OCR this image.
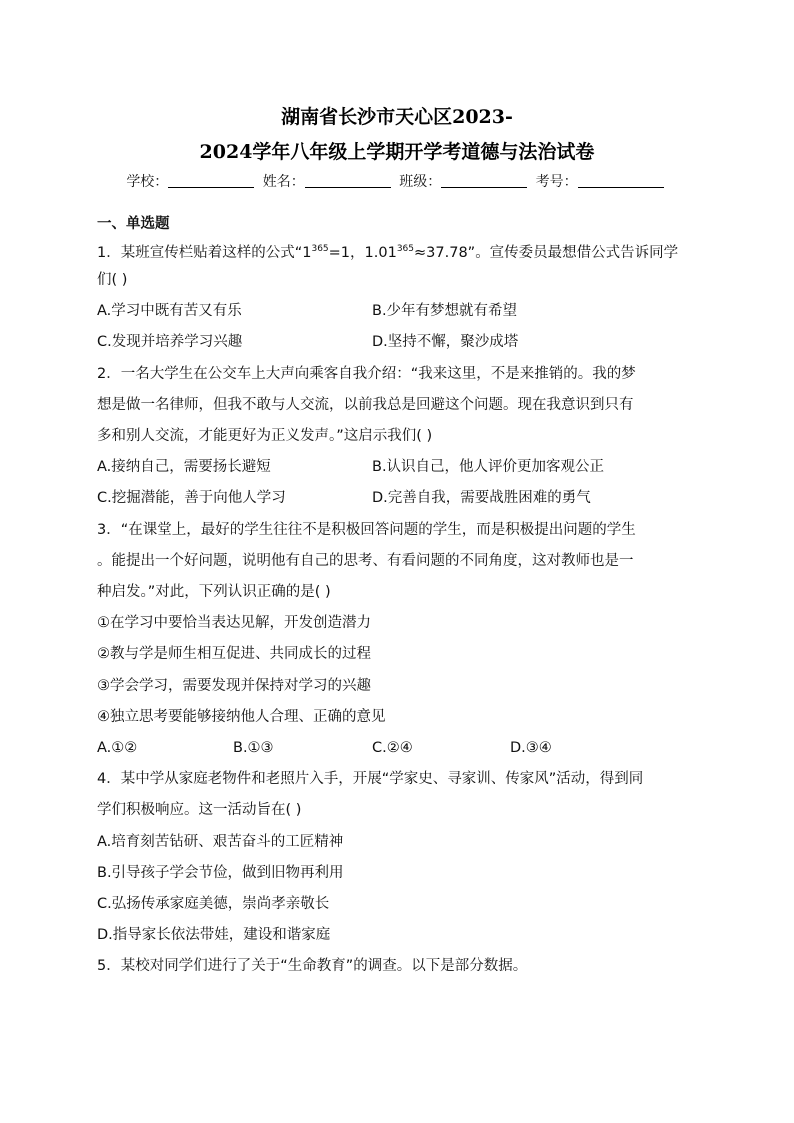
湖南省长沙市天心区2023-
2024学年八年级上学期开学考道德与法治试卷
学校：	姓名：	班级：	考号：
一、单选题
1．某班宣传栏贴着这样的公式“$1^{365}=1$，$1.01^{365}\approx 37.78$”。宣传委员最想借公式告诉同学
们( )
A.学习中既有苦又有乐	B.少年有梦想就有希望
C.发现并培养学习兴趣	D.坚持不懈，聚沙成塔
2．一名大学生在公交车上大声向乘客自我介绍：“我来这里，不是来推销的。我的梦
想是做一名律师，但我不敢与人交流，以前我总是回避这个问题。现在我意识到只有
多和别人交流，才能更好为正义发声。”这启示我们( )
A.接纳自己，需要扬长避短	B.认识自己，他人评价更加客观公正
C.挖掘潜能，善于向他人学习	D.完善自我，需要战胜困难的勇气
3．“在课堂上，最好的学生往往不是积极回答问题的学生，而是积极提出问题的学生
。能提出一个好问题，说明他有自己的思考、有看问题的不同角度，这对教师也是一
种启发。”对此，下列认识正确的是( )
①在学习中要恰当表达见解，开发创造潜力
②教与学是师生相互促进、共同成长的过程
③学会学习，需要发现并保持对学习的兴趣
④独立思考要能够接纳他人合理、正确的意见
A.①②	B.①③	C.②④	D.③④
4．某中学从家庭老物件和老照片入手，开展“学家史、寻家训、传家风”活动，得到同
学们积极响应。这一活动旨在( )
A.培育刻苦钻研、艰苦奋斗的工匠精神
B.引导孩子学会节俭，做到旧物再利用
C.弘扬传承家庭美德，崇尚孝亲敬长
D.指导家长依法带娃，建设和谐家庭
5．某校对同学们进行了关于“生命教育”的调查。以下是部分数据。
